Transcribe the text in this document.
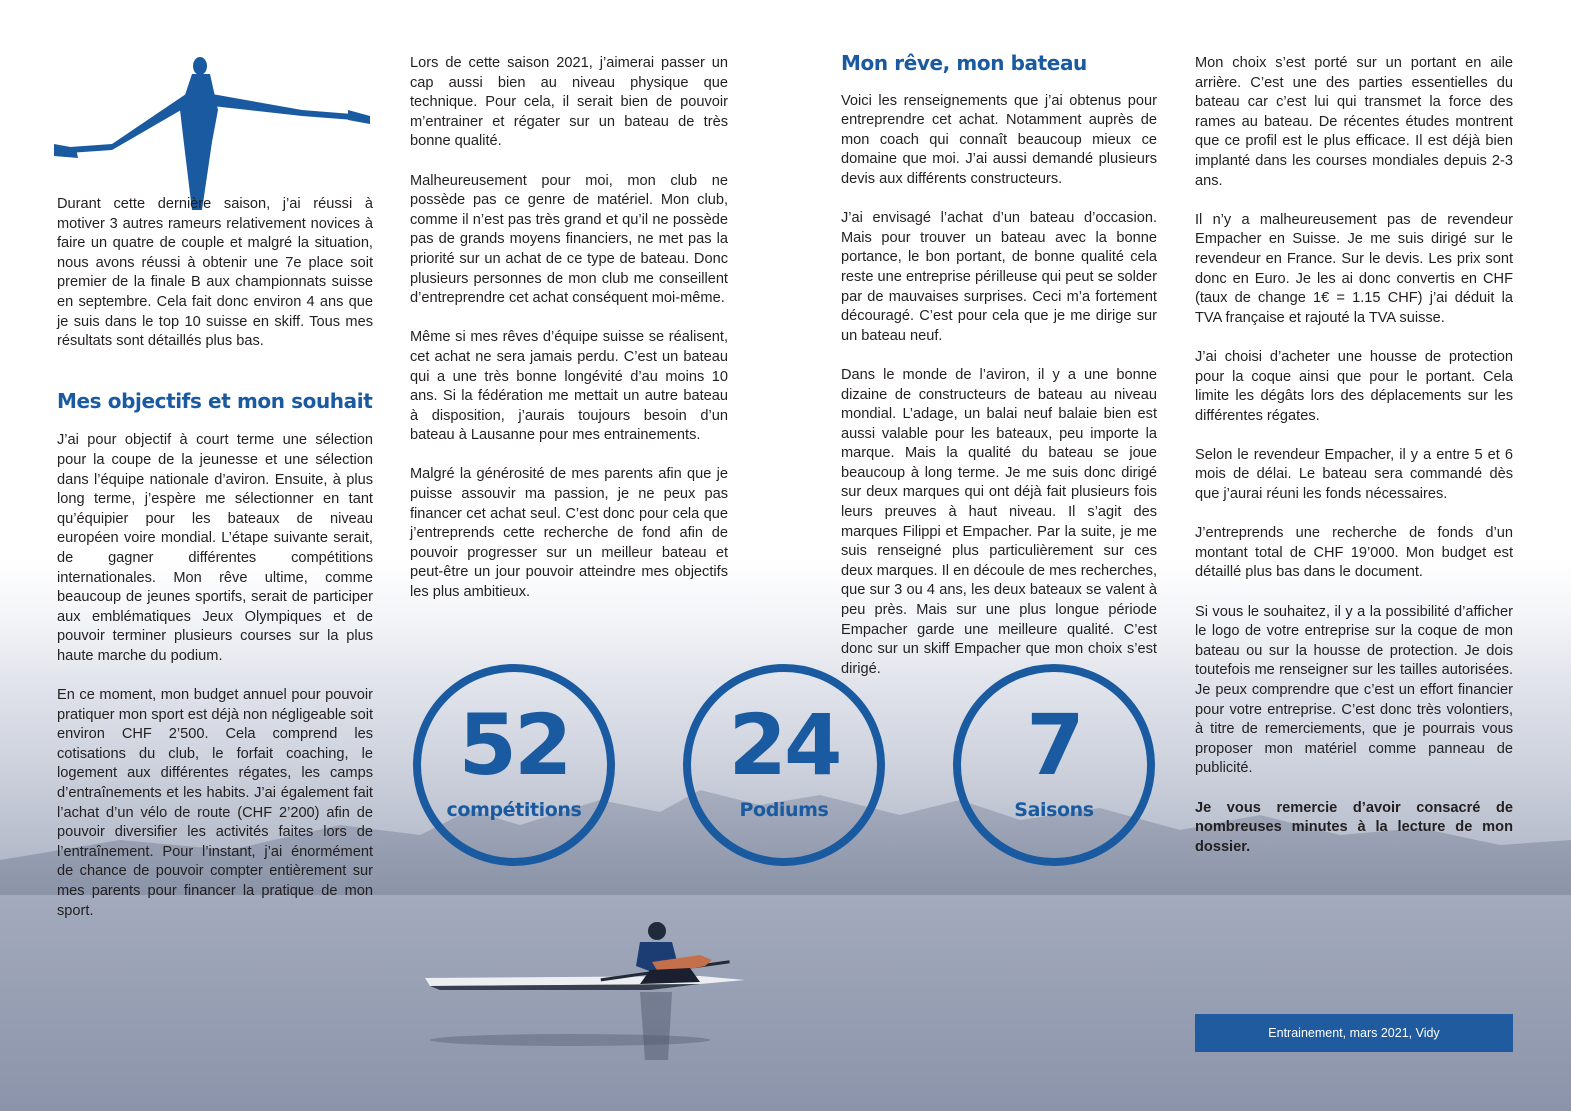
Durant cette dernière saison, j’ai réussi à motiver 3 autres rameurs relativement novices à faire un quatre de couple et malgré la situation, nous avons réussi à obtenir une 7e place soit premier de la finale B aux championnats suisse en septembre. Cela fait donc environ 4 ans que je suis dans le top 10 suisse en skiff. Tous mes résultats sont détaillés plus bas.

Mes objectifs et mon souhait

J’ai pour objectif à court terme une sélection pour la coupe de la jeunesse et une sélection dans l’équipe nationale d’aviron. Ensuite, à plus long terme, j’espère me sélectionner en tant qu’équipier pour les bateaux de niveau européen voire mondial. L’étape suivante serait, de gagner différentes compétitions internationales. Mon rêve ultime, comme beaucoup de jeunes sportifs, serait de participer aux emblématiques Jeux Olympiques et de pouvoir terminer plusieurs courses sur la plus haute marche du podium.

En ce moment, mon budget annuel pour pouvoir pratiquer mon sport est déjà non négligeable soit environ CHF 2’500. Cela comprend les cotisations du club, le forfait coaching, le logement aux différentes régates, les camps d’entraînements et les habits. J’ai également fait l’achat d’un vélo de route (CHF 2’200) afin de pouvoir diversifier les activités faites lors de l’entraînement. Pour l’instant, j’ai énormément de chance de pouvoir compter entièrement sur mes parents pour financer la pratique de mon sport.

Lors de cette saison 2021, j’aimerai passer un cap aussi bien au niveau physique que technique. Pour cela, il serait bien de pouvoir m’entrainer et régater sur un bateau de très bonne qualité.

Malheureusement pour moi, mon club ne possède pas ce genre de matériel. Mon club, comme il n’est pas très grand et qu’il ne possède pas de grands moyens financiers, ne met pas la priorité sur un achat de ce type de bateau. Donc plusieurs personnes de mon club me conseillent d’entreprendre cet achat conséquent moi-même.

Même si mes rêves d’équipe suisse se réalisent, cet achat ne sera jamais perdu. C’est un bateau qui a une très bonne longévité d’au moins 10 ans. Si la fédération me mettait un autre bateau à disposition, j’aurais toujours besoin d’un bateau à Lausanne pour mes entrainements.

Malgré la générosité de mes parents afin que je puisse assouvir ma passion, je ne peux pas financer cet achat seul. C’est donc pour cela que j’entreprends cette recherche de fond afin de pouvoir progresser sur un meilleur bateau et peut-être un jour pouvoir atteindre mes objectifs les plus ambitieux.

Mon rêve, mon bateau

Voici les renseignements que j’ai obtenus pour entreprendre cet achat. Notamment auprès de mon coach qui connaît beaucoup mieux ce domaine que moi. J’ai aussi demandé plusieurs devis aux différents constructeurs.

J’ai envisagé l’achat d’un bateau d’occasion. Mais pour trouver un bateau avec la bonne portance, le bon portant, de bonne qualité cela reste une entreprise périlleuse qui peut se solder par de mauvaises surprises. Ceci m’a fortement découragé. C’est pour cela que je me dirige sur un bateau neuf.

Dans le monde de l’aviron, il y a une bonne dizaine de constructeurs de bateau au niveau mondial. L’adage, un balai neuf balaie bien est aussi valable pour les bateaux, peu importe la marque. Mais la qualité du bateau se joue beaucoup à long terme. Je me suis donc dirigé sur deux marques qui ont déjà fait plusieurs fois leurs preuves à haut niveau. Il s’agit des marques Filippi et Empacher. Par la suite, je me suis renseigné plus particulièrement sur ces deux marques. Il en découle de mes recherches, que sur 3 ou 4 ans, les deux bateaux se valent à peu près. Mais sur une plus longue période Empacher garde une meilleure qualité. C’est donc sur un skiff Empacher que mon choix s’est dirigé.

Mon choix s’est porté sur un portant en aile arrière. C’est une des parties essentielles du bateau car c’est lui qui transmet la force des rames au bateau. De récentes études montrent que ce profil est le plus efficace. Il est déjà bien implanté dans les courses mondiales depuis 2-3 ans.

Il n’y a malheureusement pas de revendeur Empacher en Suisse. Je me suis dirigé sur le revendeur en France. Sur le devis. Les prix sont donc en Euro. Je les ai donc convertis en CHF (taux de change 1€ = 1.15 CHF) j’ai déduit la TVA française et rajouté la TVA suisse.

J’ai choisi d’acheter une housse de protection pour la coque ainsi que pour le portant. Cela limite les dégâts lors des déplacements sur les différentes régates.

Selon le revendeur Empacher, il y a entre 5 et 6 mois de délai. Le bateau sera commandé dès que j’aurai réuni les fonds nécessaires.

J’entreprends une recherche de fonds d’un montant total de CHF 19’000. Mon budget est détaillé plus bas dans le document.

Si vous le souhaitez, il y a la possibilité d’afficher le logo de votre entreprise sur la coque de mon bateau ou sur la housse de protection. Je dois toutefois me renseigner sur les tailles autorisées. Je peux comprendre que c’est un effort financier pour votre entreprise. C’est donc très volontiers, à titre de remerciements, que je pourrais vous proposer mon matériel comme panneau de publicité.

Je vous remercie d’avoir consacré de nombreuses minutes à la lecture de mon dossier.

52
compétitions
24
Podiums
7
Saisons
Entrainement, mars 2021, Vidy
